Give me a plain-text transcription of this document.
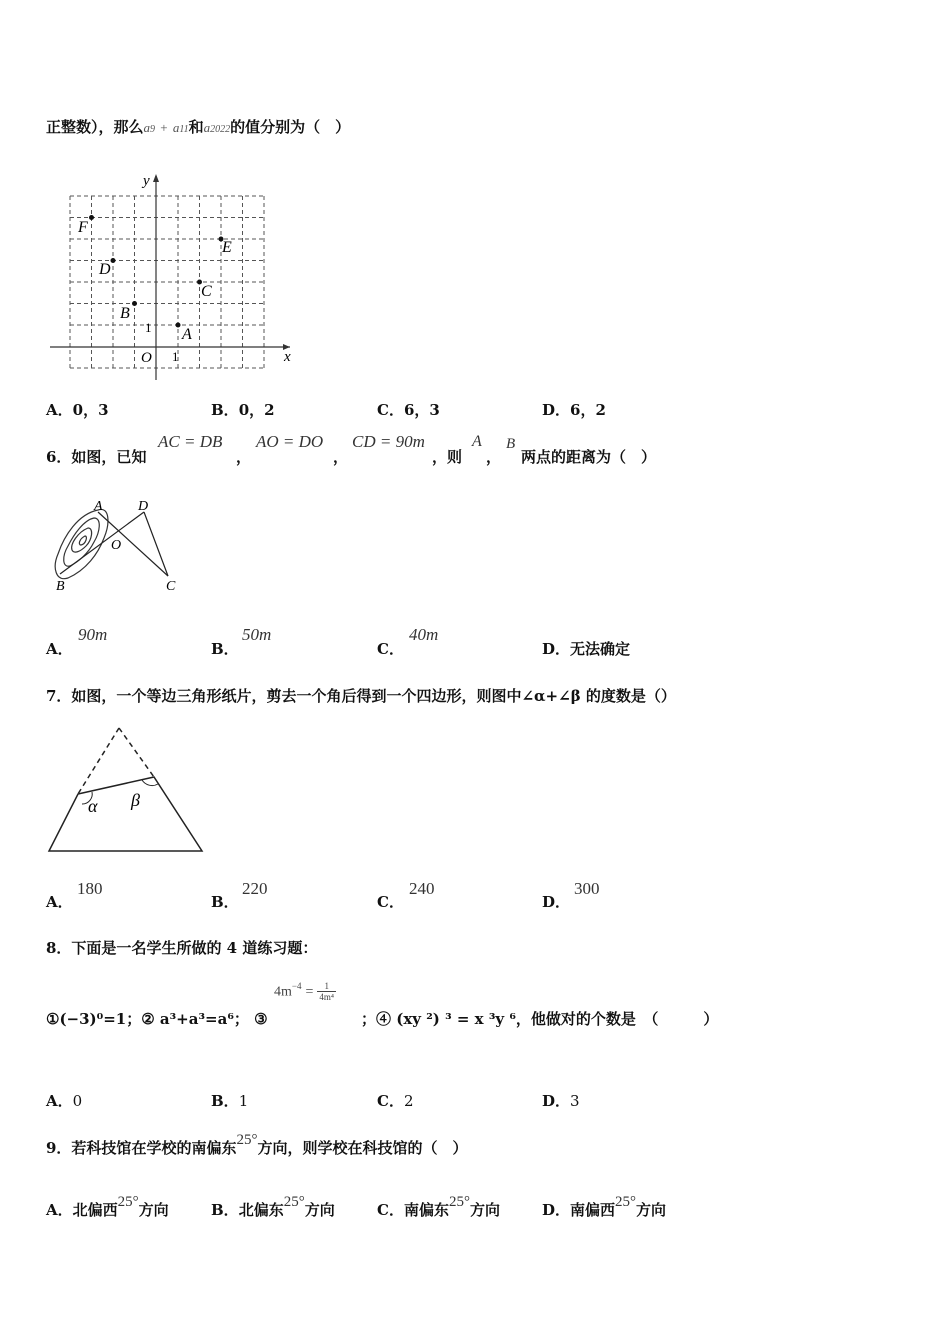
正整数），那么a9 + a11和a2022的值分别为（　）
x
y
O 1
1 A
B
C
D
E
F
A．0，3	B．0，2	C．6，3	D．6，2
6．如图，已知
AC = DB
，
AO = DO
，
CD = 90m
，则
A
，
B
两点的距离为（　）
A	D
O
B	C
A．
90m
B．
50m
C．
40m
D．无法确定
7．如图，一个等边三角形纸片，剪去一个角后得到一个四边形，则图中∠α+∠β 的度数是（）
α β
A．
180
B．
220
C．
240
D．
300
8．下面是一名学生所做的 4 道练习题：
$4m^{-4} = \frac{1}{\text{4m⁴}}$
①(−3)⁰=1；② a³+a³=a⁶； ③	；④ (xy ²) ³ = x ³y ⁶，他做对的个数是　（　　　）
A．0	B．1	C．2	D．3
9．若科技馆在学校的南偏东25°方向，则学校在科技馆的（　）
A．北偏西25°方向	B．北偏东25°方向	C．南偏东25°方向	D．南偏西25°方向
